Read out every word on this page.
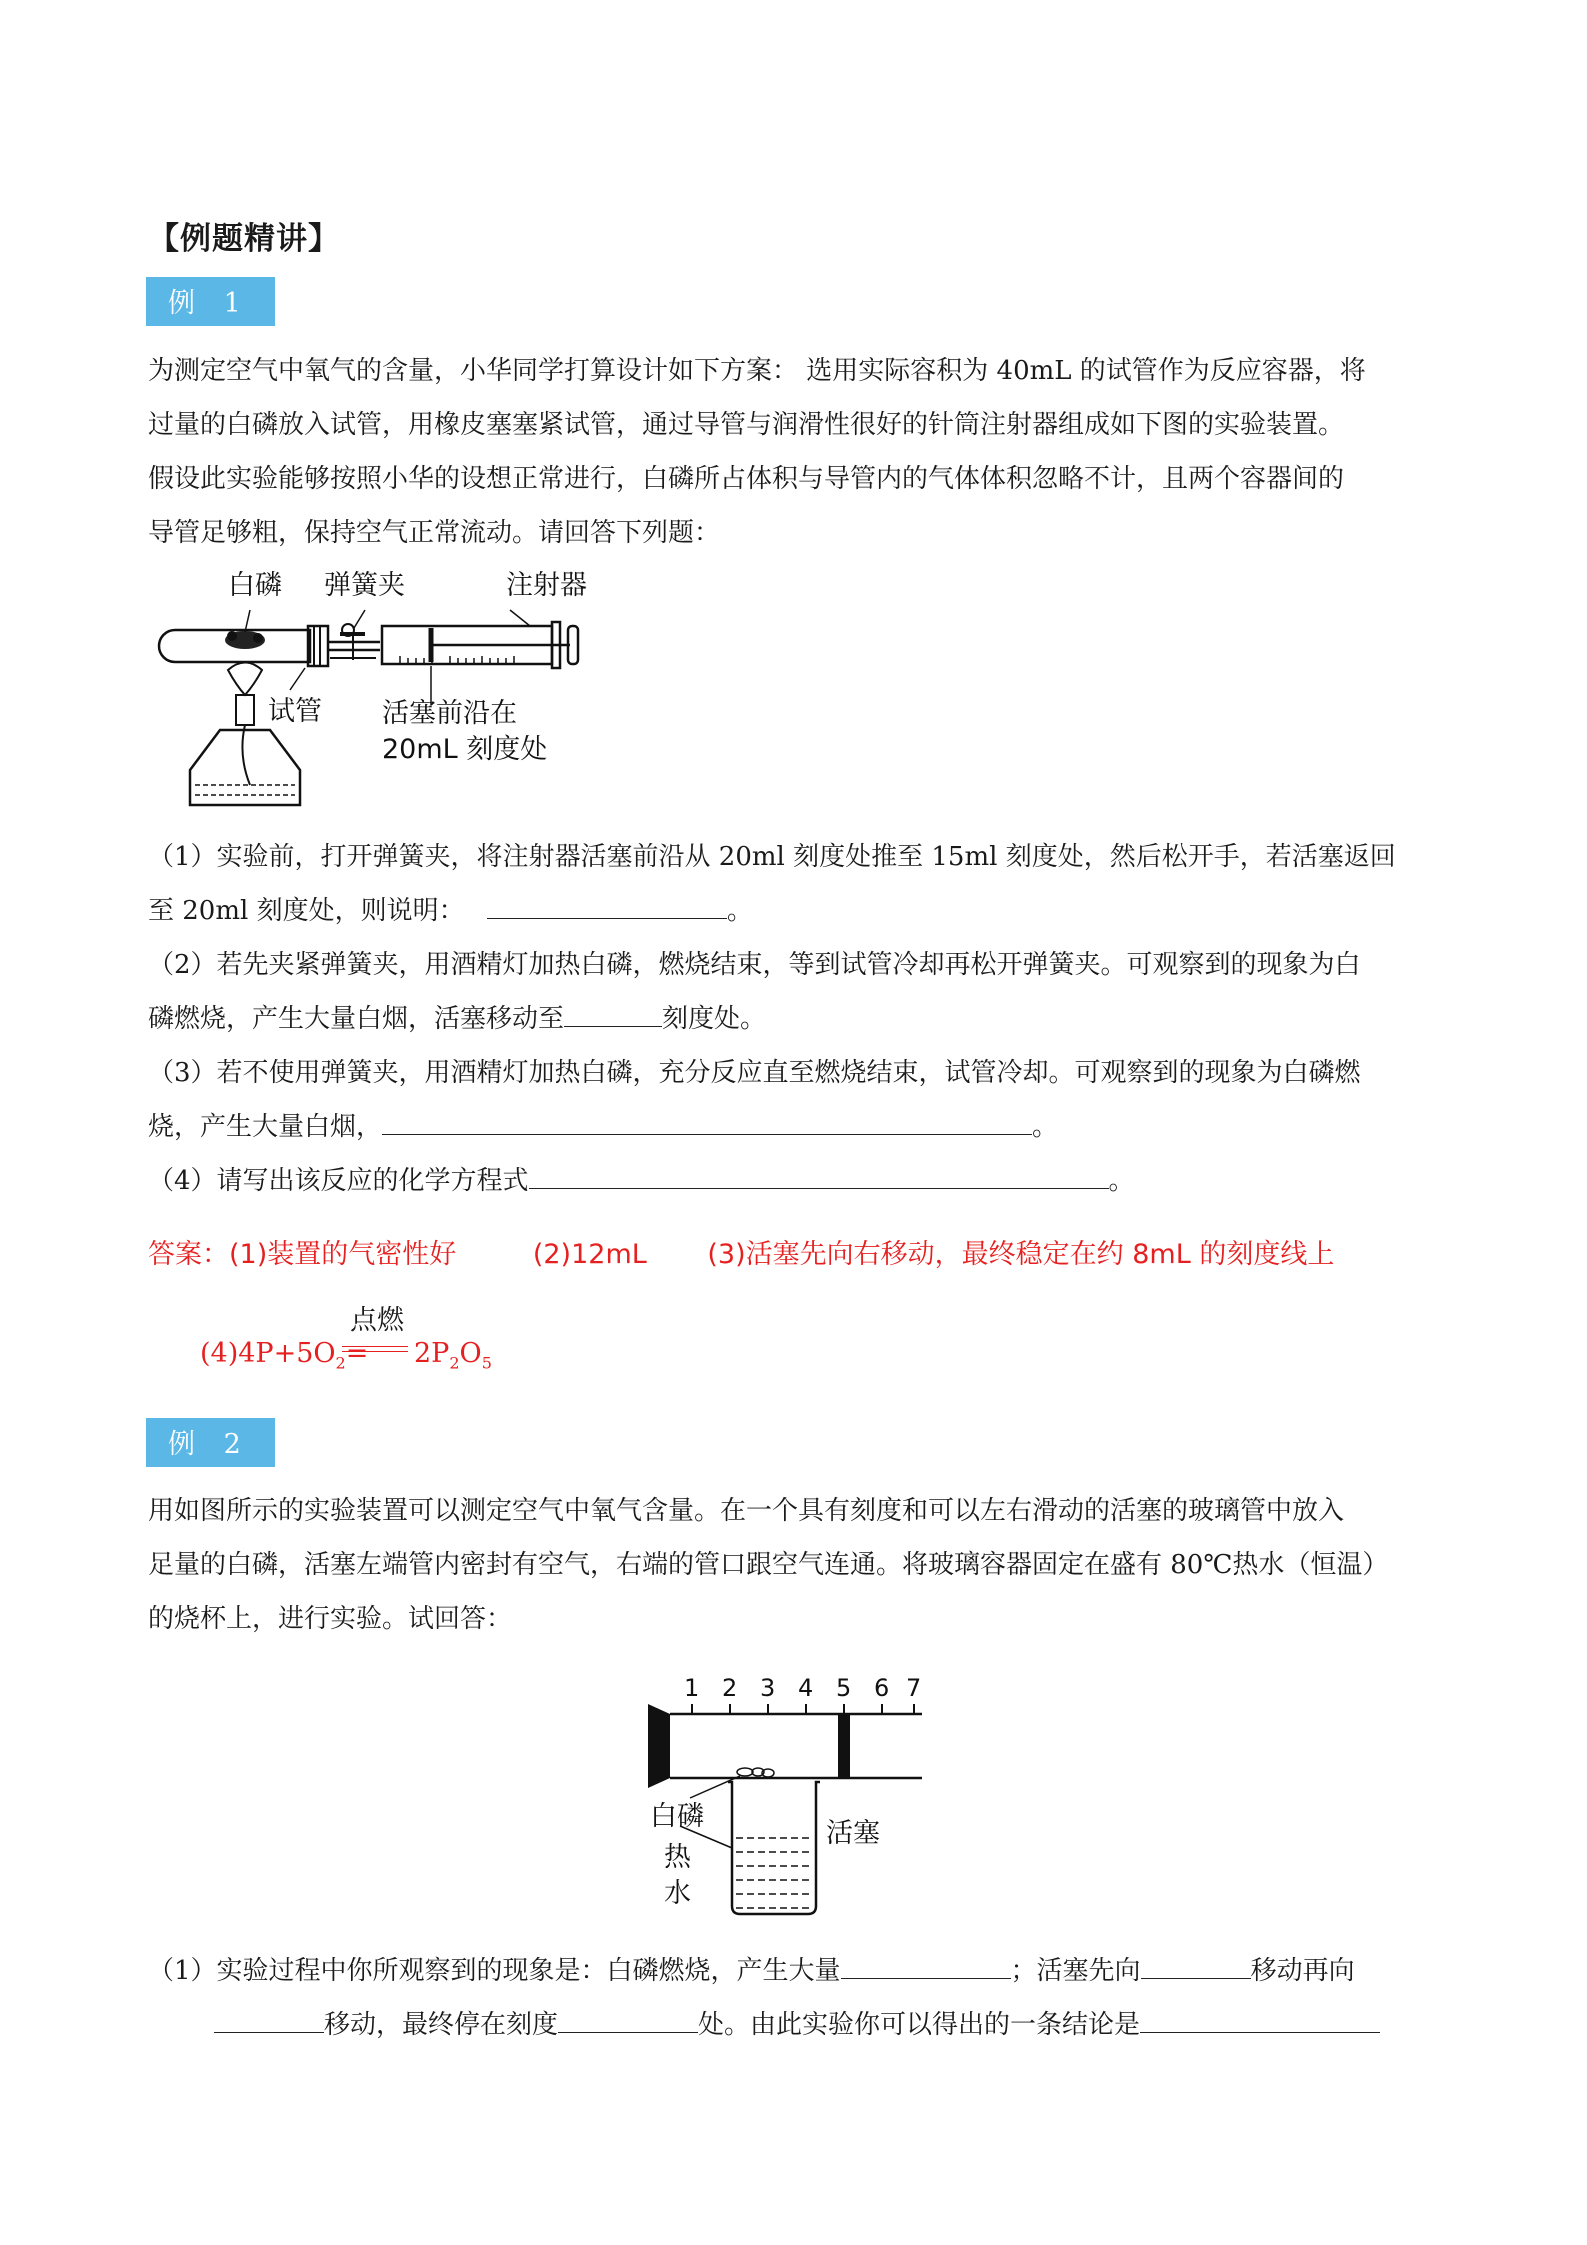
【例题精讲】
例 1
为测定空气中氧气的含量，小华同学打算设计如下方案： 选用实际容积为 40mL 的试管作为反应容器，将
过量的白磷放入试管，用橡皮塞塞紧试管，通过导管与润滑性很好的针筒注射器组成如下图的实验装置。
假设此实验能够按照小华的设想正常进行，白磷所占体积与导管内的气体体积忽略不计，且两个容器间的
导管足够粗，保持空气正常流动。请回答下列题：
白磷 弹簧夹	注射器
试管 活塞前沿在
20mL 刻度处
（1）实验前，打开弹簧夹，将注射器活塞前沿从 20ml 刻度处推至 15ml 刻度处，然后松开手，若活塞返回
至 20ml 刻度处，则说明：	。
（2）若先夹紧弹簧夹，用酒精灯加热白磷，燃烧结束，等到试管冷却再松开弹簧夹。可观察到的现象为白
磷燃烧，产生大量白烟，活塞移动至	刻度处。
（3）若不使用弹簧夹，用酒精灯加热白磷，充分反应直至燃烧结束，试管冷却。可观察到的现象为白磷燃
烧，产生大量白烟，	。
（4）请写出该反应的化学方程式	。
答案：(1)装置的气密性好	(2)12mL (3)活塞先向右移动，最终稳定在约 8mL 的刻度线上
$(4)4P+5O_2=$
点燃
$2P_2O_5$
例 2
用如图所示的实验装置可以测定空气中氧气含量。在一个具有刻度和可以左右滑动的活塞的玻璃管中放入
足量的白磷，活塞左端管内密封有空气，右端的管口跟空气连通。将玻璃容器固定在盛有 80℃热水（恒温）
的烧杯上，进行实验。试回答：
1 2 3 4 5 6 7
白磷
热
水
活塞
（1）实验过程中你所观察到的现象是：白磷燃烧，产生大量	；活塞先向	移动再向
移动，最终停在刻度	处。由此实验你可以得出的一条结论是
